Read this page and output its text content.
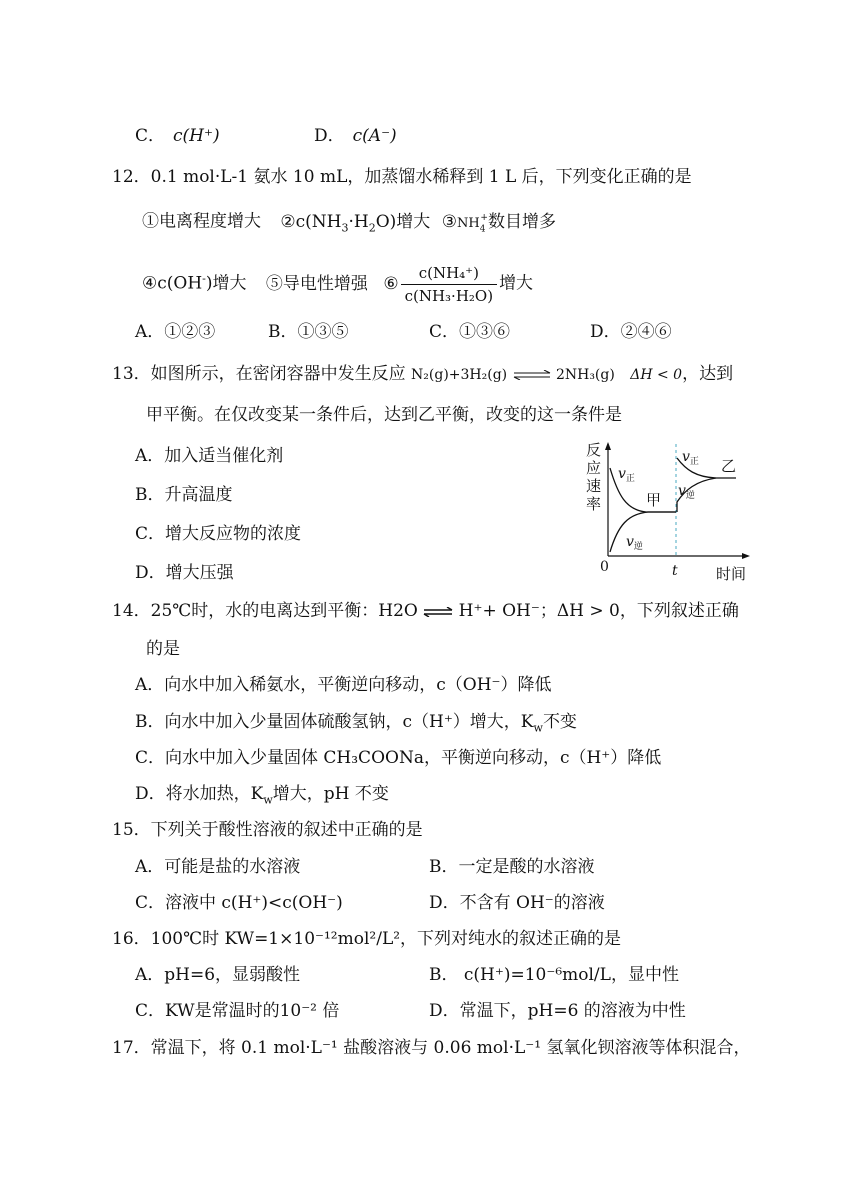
C． c(H⁺)	D． c(A⁻)
12．0.1 mol·L-1 氨水 10 mL，加蒸馏水稀释到 1 L 后，下列变化正确的是
①电离程度增大 $②c(NH_3\cdot H_2O)$增大 $③NH_4^+$数目增多
④c(OH-)增大 ⑤导电性增强 ⑥ $\frac{\text{c(NH₄⁺)}}{\text{c(NH₃·H₂O)}}$ 增大
A．①②③	B．①③⑤	C．①③⑥	D．②④⑥
13．如图所示，在密闭容器中发生反应 N₂(g)+3H₂(g) ⇌ 2NH₃(g) ΔH < 0，达到
甲平衡。在仅改变某一条件后，达到乙平衡，改变的这一条件是
A．加入适当催化剂
B．升高温度
C．增大反应物的浓度
D．增大压强
反
应
速
率
时间
0	t
甲
乙
$v_正$
$v_逆$
$v_正$
$v_逆$
14．25℃时，水的电离达到平衡：H2O ⇌ H⁺+ OH⁻；ΔH > 0，下列叙述正确
的是
A．向水中加入稀氨水，平衡逆向移动，c（OH⁻）降低
B．向水中加入少量固体硫酸氢钠，c（H⁺）增大，$K_w$不变
C．向水中加入少量固体 CH₃COONa，平衡逆向移动，c（H⁺）降低
D．将水加热，$K_w$增大，pH 不变
15．下列关于酸性溶液的叙述中正确的是
A．可能是盐的水溶液	B．一定是酸的水溶液
C．溶液中 c(H⁺)<c(OH⁻)	D．不含有 OH⁻的溶液
16．100℃时 KW=1×10⁻¹²mol²/L²，下列对纯水的叙述正确的是
A．pH=6，显弱酸性	B． c(H⁺)=10⁻⁶mol/L，显中性
C．KW是常温时的10⁻² 倍	D．常温下，pH=6 的溶液为中性
17．常温下，将 0.1 mol·L⁻¹ 盐酸溶液与 0.06 mol·L⁻¹ 氢氧化钡溶液等体积混合，
